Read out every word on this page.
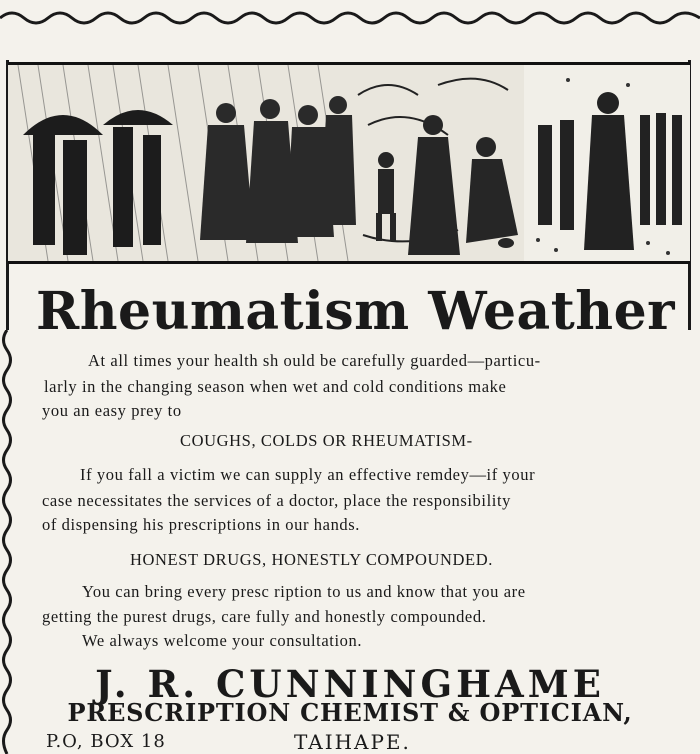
Rheumatism Weather

At all times your health sh ould be carefully guarded—particu-

larly in the changing season when wet and cold conditions make

you an easy prey to

COUGHS, COLDS OR RHEUMATISM-

If you fall a victim we can supply an effective remdey—if your

case necessitates the services of a doctor, place the responsibility

of dispensing his prescriptions in our hands.

HONEST DRUGS, HONESTLY COMPOUNDED.

You can bring every presc ription to us and know that you are

getting the purest drugs, care fully and honestly compounded.

We always welcome your consultation.

J. R. CUNNINGHAME
PRESCRIPTION CHEMIST & OPTICIAN,

P.O, BOX 18	TAIHAPE.
